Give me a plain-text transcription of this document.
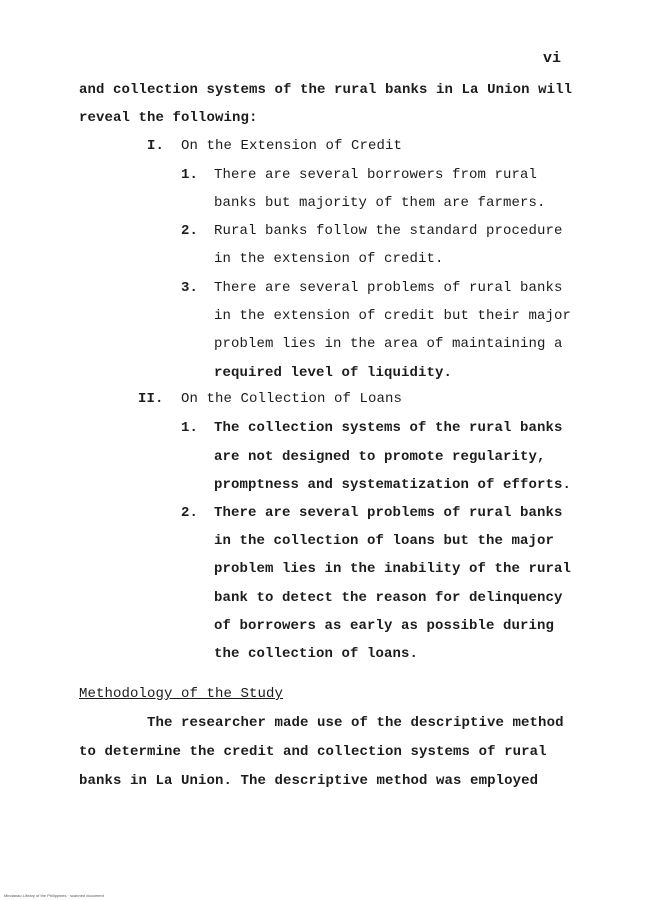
vi
and collection systems of the rural banks in La Union will
reveal the following:
I. On the Extension of Credit
1. There are several borrowers from rural
banks but majority of them are farmers.
2. Rural banks follow the standard procedure
in the extension of credit.
3. There are several problems of rural banks
in the extension of credit but their major
problem lies in the area of maintaining a
required level of liquidity.
II. On the Collection of Loans
1. The collection systems of the rural banks
are not designed to promote regularity,
promptness and systematization of efforts.
2. There are several problems of rural banks
in the collection of loans but the major
problem lies in the inability of the rural
bank to detect the reason for delinquency
of borrowers as early as possible during
the collection of loans.
Methodology of the Study
The researcher made use of the descriptive method
to determine the credit and collection systems of rural
banks in La Union. The descriptive method was employed
Mindanao Library of the Philippines · scanned document
